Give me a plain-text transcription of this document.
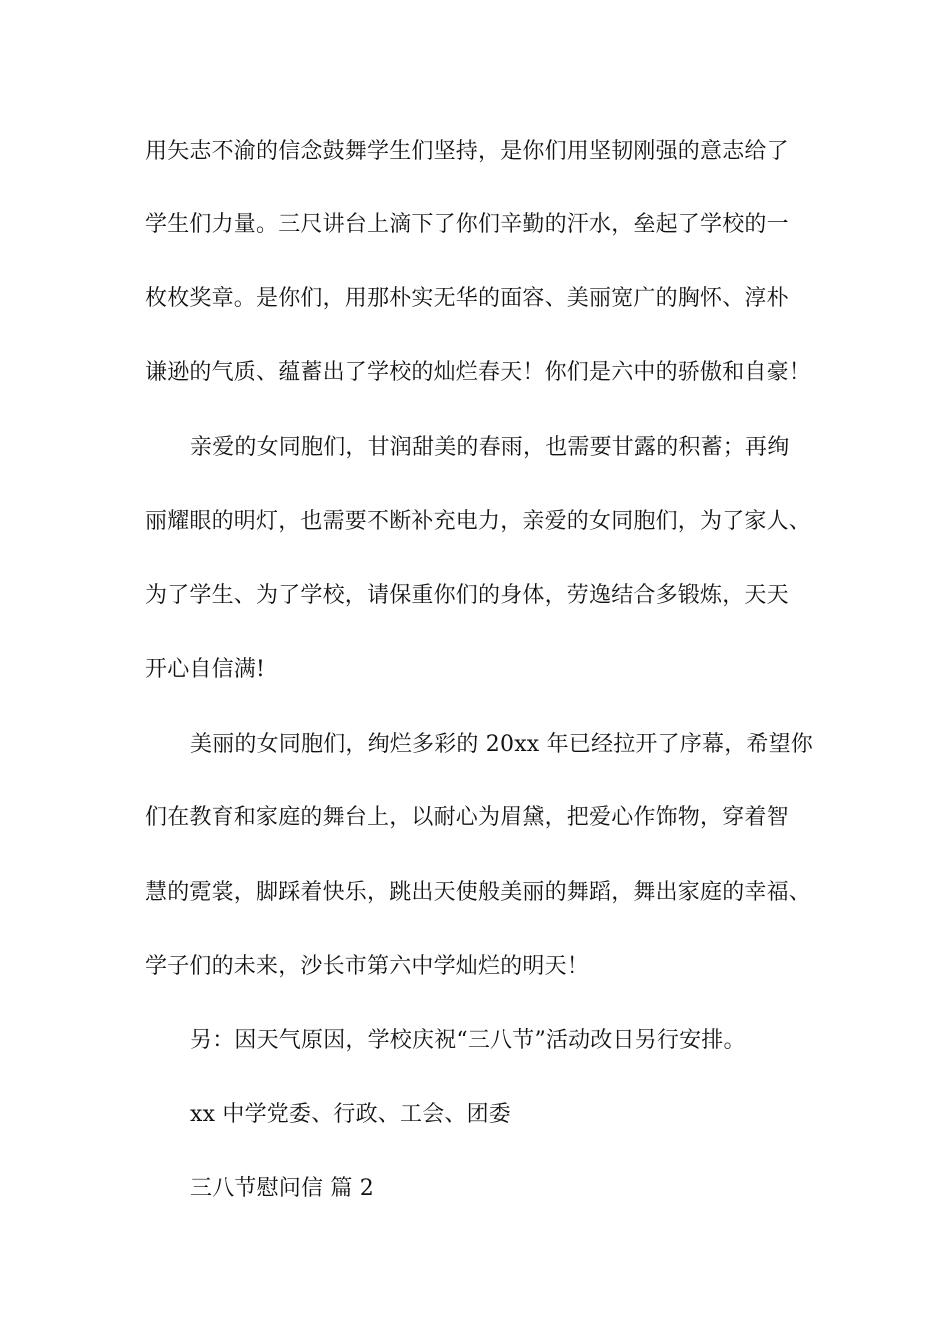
用矢志不渝的信念鼓舞学生们坚持，是你们用坚韧刚强的意志给了
学生们力量。三尺讲台上滴下了你们辛勤的汗水，垒起了学校的一
枚枚奖章。是你们，用那朴实无华的面容、美丽宽广的胸怀、淳朴
谦逊的气质、蕴蓄出了学校的灿烂春天！你们是六中的骄傲和自豪！
亲爱的女同胞们，甘润甜美的春雨，也需要甘露的积蓄；再绚
丽耀眼的明灯，也需要不断补充电力，亲爱的女同胞们，为了家人、
为了学生、为了学校，请保重你们的身体，劳逸结合多锻炼，天天
开心自信满!
美丽的女同胞们，绚烂多彩的 20xx 年已经拉开了序幕，希望你
们在教育和家庭的舞台上，以耐心为眉黛，把爱心作饰物，穿着智
慧的霓裳，脚踩着快乐，跳出天使般美丽的舞蹈，舞出家庭的幸福、
学子们的未来，沙长市第六中学灿烂的明天！
另：因天气原因，学校庆祝“三八节”活动改日另行安排。
xx 中学党委、行政、工会、团委
三八节慰问信 篇 2
